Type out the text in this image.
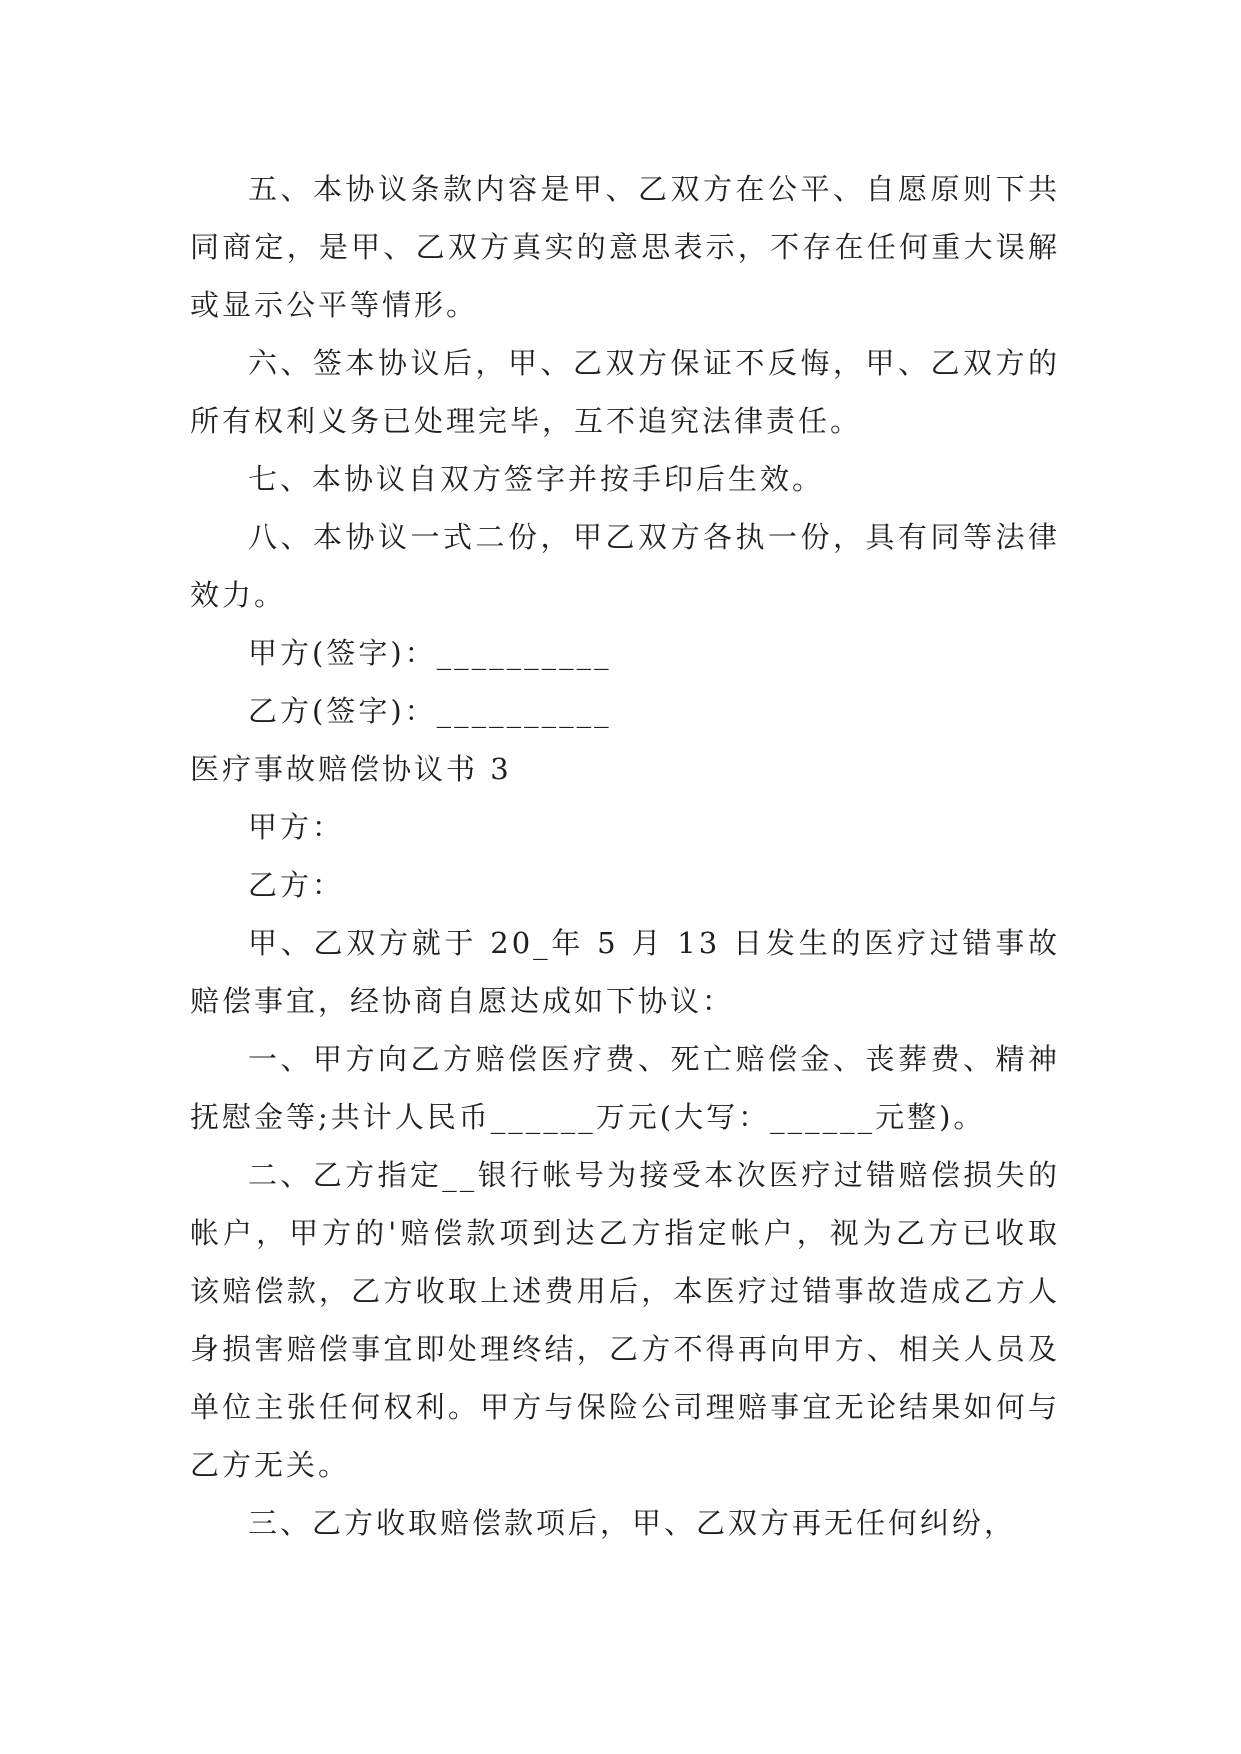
五、本协议条款内容是甲、乙双方在公平、自愿原则下共同商定，是甲、乙双方真实的意思表示，不存在任何重大误解或显示公平等情形。

六、签本协议后，甲、乙双方保证不反悔，甲、乙双方的所有权利义务已处理完毕，互不追究法律责任。

七、本协议自双方签字并按手印后生效。

八、本协议一式二份，甲乙双方各执一份，具有同等法律效力。

甲方(签字)：__________

乙方(签字)：__________

医疗事故赔偿协议书 3

甲方：

乙方：

甲、乙双方就于 20_年 5 月 13 日发生的医疗过错事故赔偿事宜，经协商自愿达成如下协议：

一、甲方向乙方赔偿医疗费、死亡赔偿金、丧葬费、精神抚慰金等;共计人民币______万元(大写：______元整)。

二、乙方指定__银行帐号为接受本次医疗过错赔偿损失的帐户，甲方的'赔偿款项到达乙方指定帐户，视为乙方已收取该赔偿款，乙方收取上述费用后，本医疗过错事故造成乙方人身损害赔偿事宜即处理终结，乙方不得再向甲方、相关人员及单位主张任何权利。甲方与保险公司理赔事宜无论结果如何与乙方无关。

三、乙方收取赔偿款项后，甲、乙双方再无任何纠纷，
